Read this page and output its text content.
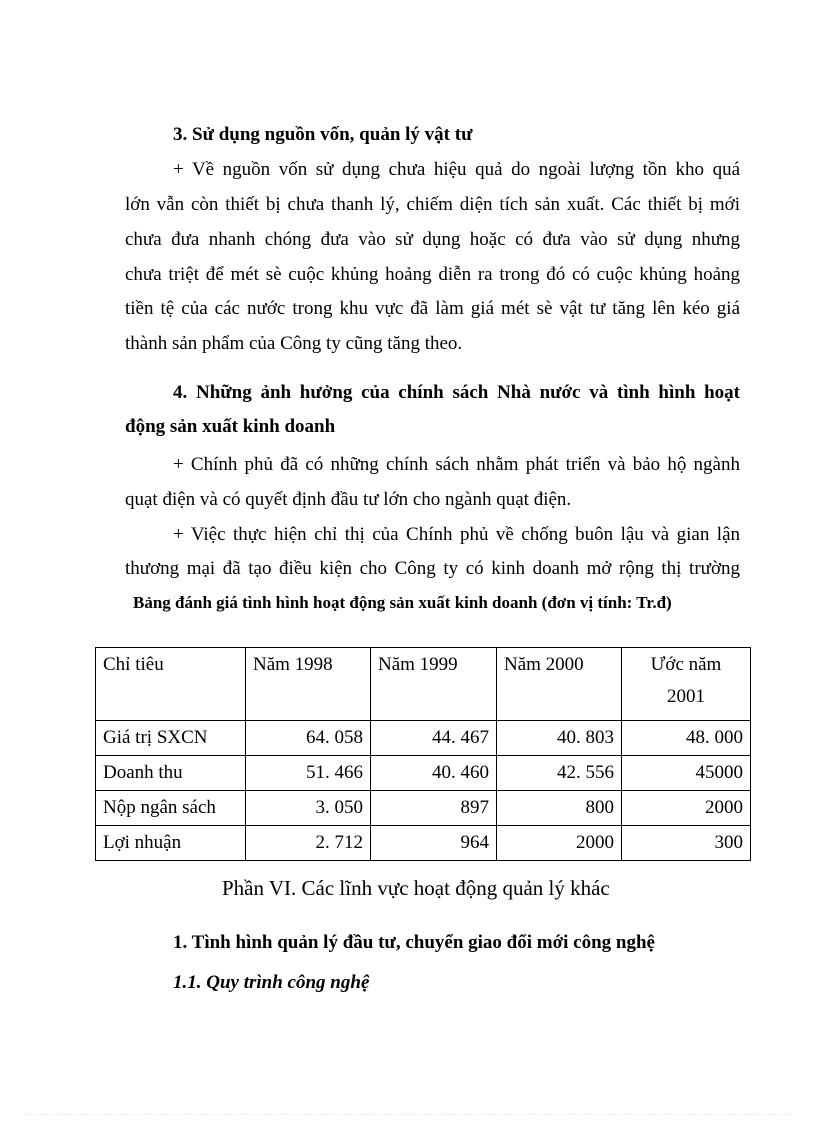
3. Sử dụng nguồn vốn, quản lý vật tư
+ Về nguồn vốn sử dụng chưa hiệu quả do ngoài lượng tồn kho quá
lớn vẫn còn thiết bị chưa thanh lý, chiếm diện tích sản xuất. Các thiết bị mới
chưa đưa nhanh chóng đưa vào sử dụng hoặc có đưa vào sử dụng nhưng
chưa triệt để mét sè cuộc khủng hoảng diễn ra trong đó có cuộc khủng hoảng
tiền tệ của các nước trong khu vực đã làm giá mét sè vật tư tăng lên kéo giá
thành sản phẩm của Công ty cũng tăng theo.
4. Những ảnh hưởng của chính sách Nhà nước và tình hình hoạt
động sản xuất kinh doanh
+ Chính phủ đã có những chính sách nhằm phát triển và bảo hộ ngành
quạt điện và có quyết định đầu tư lớn cho ngành quạt điện.
+ Việc thực hiện chỉ thị của Chính phủ về chống buôn lậu và gian lận
thương mại đã tạo điều kiện cho Công ty có kinh doanh mở rộng thị trường
Bảng đánh giá tình hình hoạt động sản xuất kinh doanh (đơn vị tính: Tr.đ)
Chỉ tiêu	Năm 1998	Năm 1999	Năm 2000	Ước năm
2001
Giá trị SXCN	64. 058	44. 467	40. 803	48. 000
Doanh thu	51. 466	40. 460	42. 556	45000
Nộp ngân sách	3. 050	897	800	2000
Lợi nhuận	2. 712	964	2000	300
Phần VI. Các lĩnh vực hoạt động quản lý khác
1. Tình hình quản lý đầu tư, chuyển giao đổi mới công nghệ
1.1. Quy trình công nghệ
